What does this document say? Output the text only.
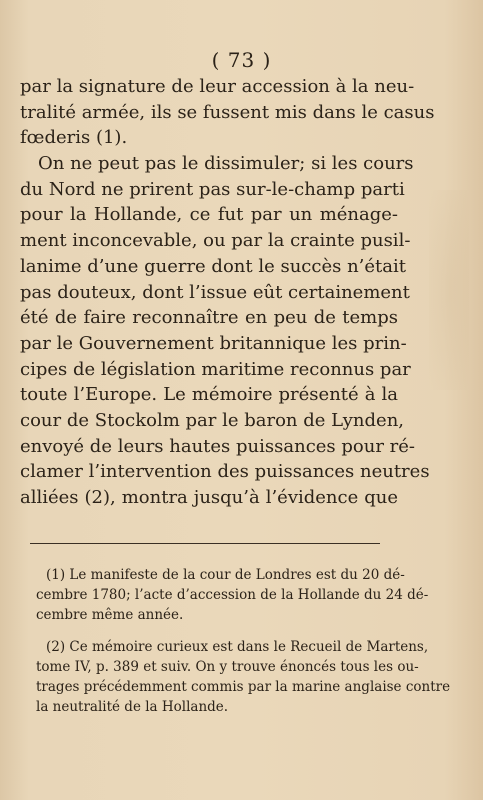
( 73 )
par la signature de leur accession à la neu-
tralité armée, ils se fussent mis dans le casus
fœderis (1).
On ne peut pas le dissimuler; si les cours
du Nord ne prirent pas sur-le-champ parti
pour la Hollande, ce fut par un ménage-
ment inconcevable, ou par la crainte pusil-
lanime d’une guerre dont le succès n’était
pas douteux, dont l’issue eût certainement
été de faire reconnaître en peu de temps
par le Gouvernement britannique les prin-
cipes de législation maritime reconnus par
toute l’Europe. Le mémoire présenté à la
cour de Stockolm par le baron de Lynden,
envoyé de leurs hautes puissances pour ré-
clamer l’intervention des puissances neutres
alliées (2), montra jusqu’à l’évidence que
(1) Le manifeste de la cour de Londres est du 20 dé-
cembre 1780; l’acte d’accession de la Hollande du 24 dé-
cembre même année.
(2) Ce mémoire curieux est dans le Recueil de Martens,
tome IV, p. 389 et suiv. On y trouve énoncés tous les ou-
trages précédemment commis par la marine anglaise contre
la neutralité de la Hollande.
